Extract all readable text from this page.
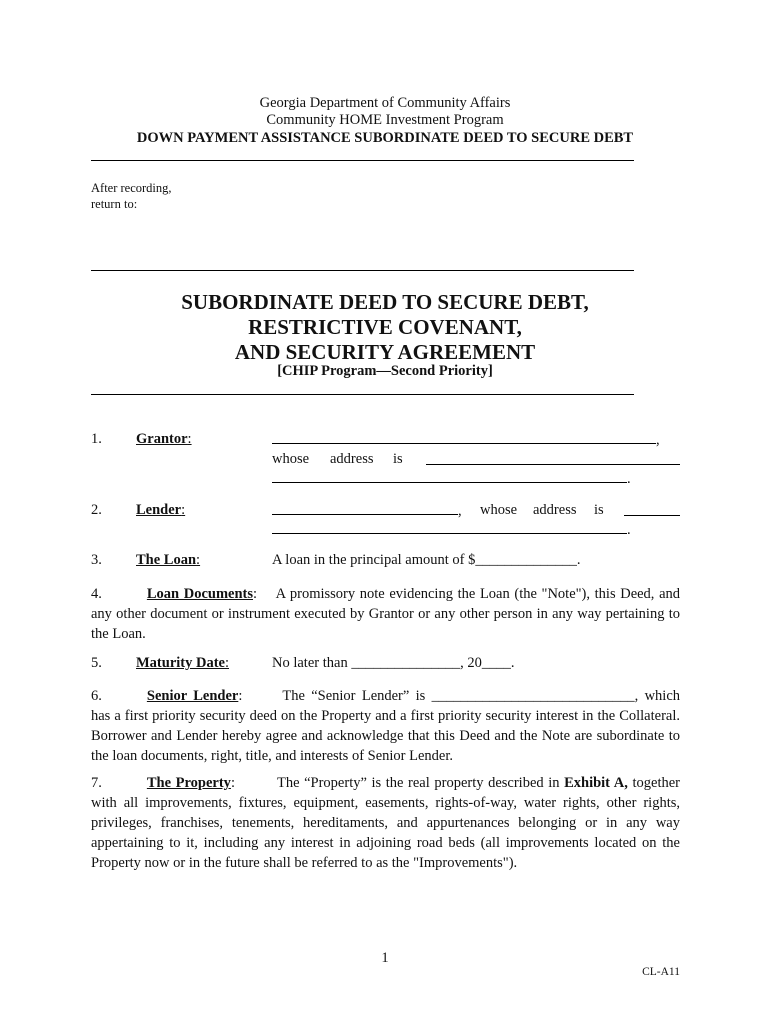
Georgia Department of Community Affairs
Community HOME Investment Program
DOWN PAYMENT ASSISTANCE SUBORDINATE DEED TO SECURE DEBT
After recording,
return to:
SUBORDINATE DEED TO SECURE DEBT,
RESTRICTIVE COVENANT,
AND SECURITY AGREEMENT
[CHIP Program—Second Priority]
1. Grantor:	,
whose address is
.
2. Lender:	, whose address is
.
3. The Loan:	A loan in the principal amount of $______________.
4.	Loan Documents: A promissory note evidencing the Loan (the "Note"), this Deed, and any other document or instrument executed by Grantor or any other person in any way pertaining to the Loan.
5. Maturity Date:	No later than _______________, 20____.
6.	Senior Lender:	The “Senior Lender” is ____________________________, which has a first priority security deed on the Property and a first priority security interest in the Collateral. Borrower and Lender hereby agree and acknowledge that this Deed and the Note are subordinate to the loan documents, right, title, and interests of Senior Lender.
7.	The Property:	The “Property” is the real property described in Exhibit A, together with all improvements, fixtures, equipment, easements, rights-of-way, water rights, other rights, privileges, franchises, tenements, hereditaments, and appurtenances belonging or in any way appertaining to it, including any interest in adjoining road beds (all improvements located on the Property now or in the future shall be referred to as the "Improvements").
1
CL-A11
